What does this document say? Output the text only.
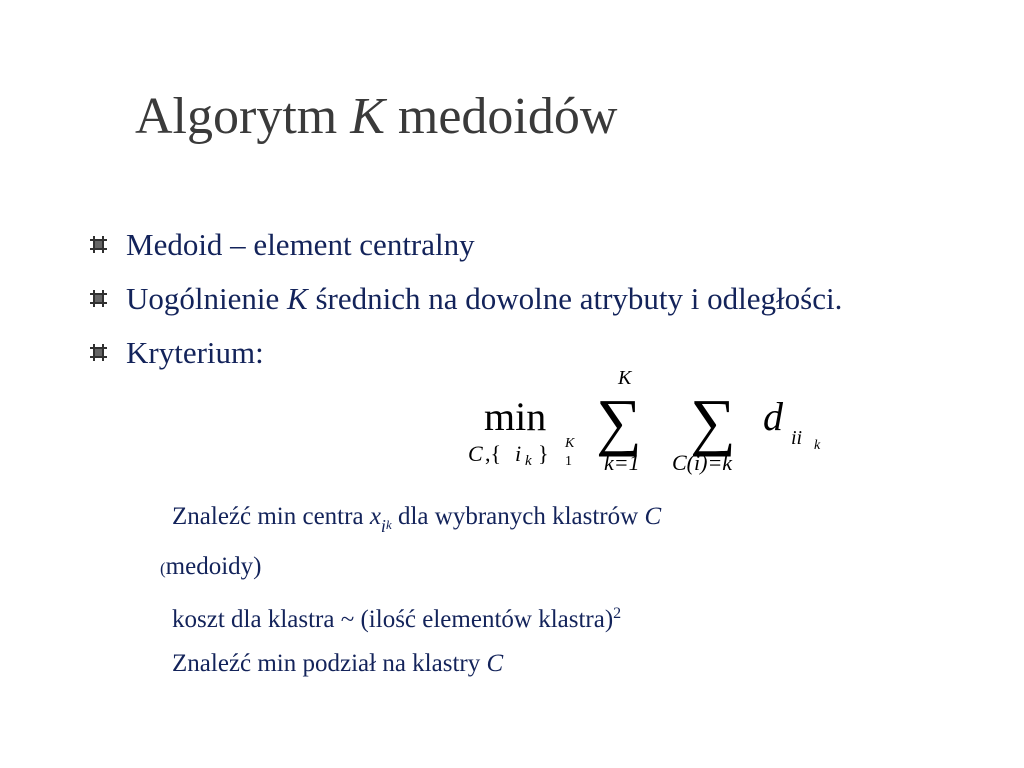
Algorytm K medoidów
Medoid – element centralny
Uogólnienie K średnich na dowolne atrybuty i odległości.
Kryterium:
min
C ,{ i k } K
1
K
∑
k=1
∑
C(i)=k
d ii k
Znaleźć min centra $x_{ik}$ dla wybranych klastrów C
(medoidy)
koszt dla klastra ~ (ilość elementów klastra)$^2$
Znaleźć min podział na klastry C
